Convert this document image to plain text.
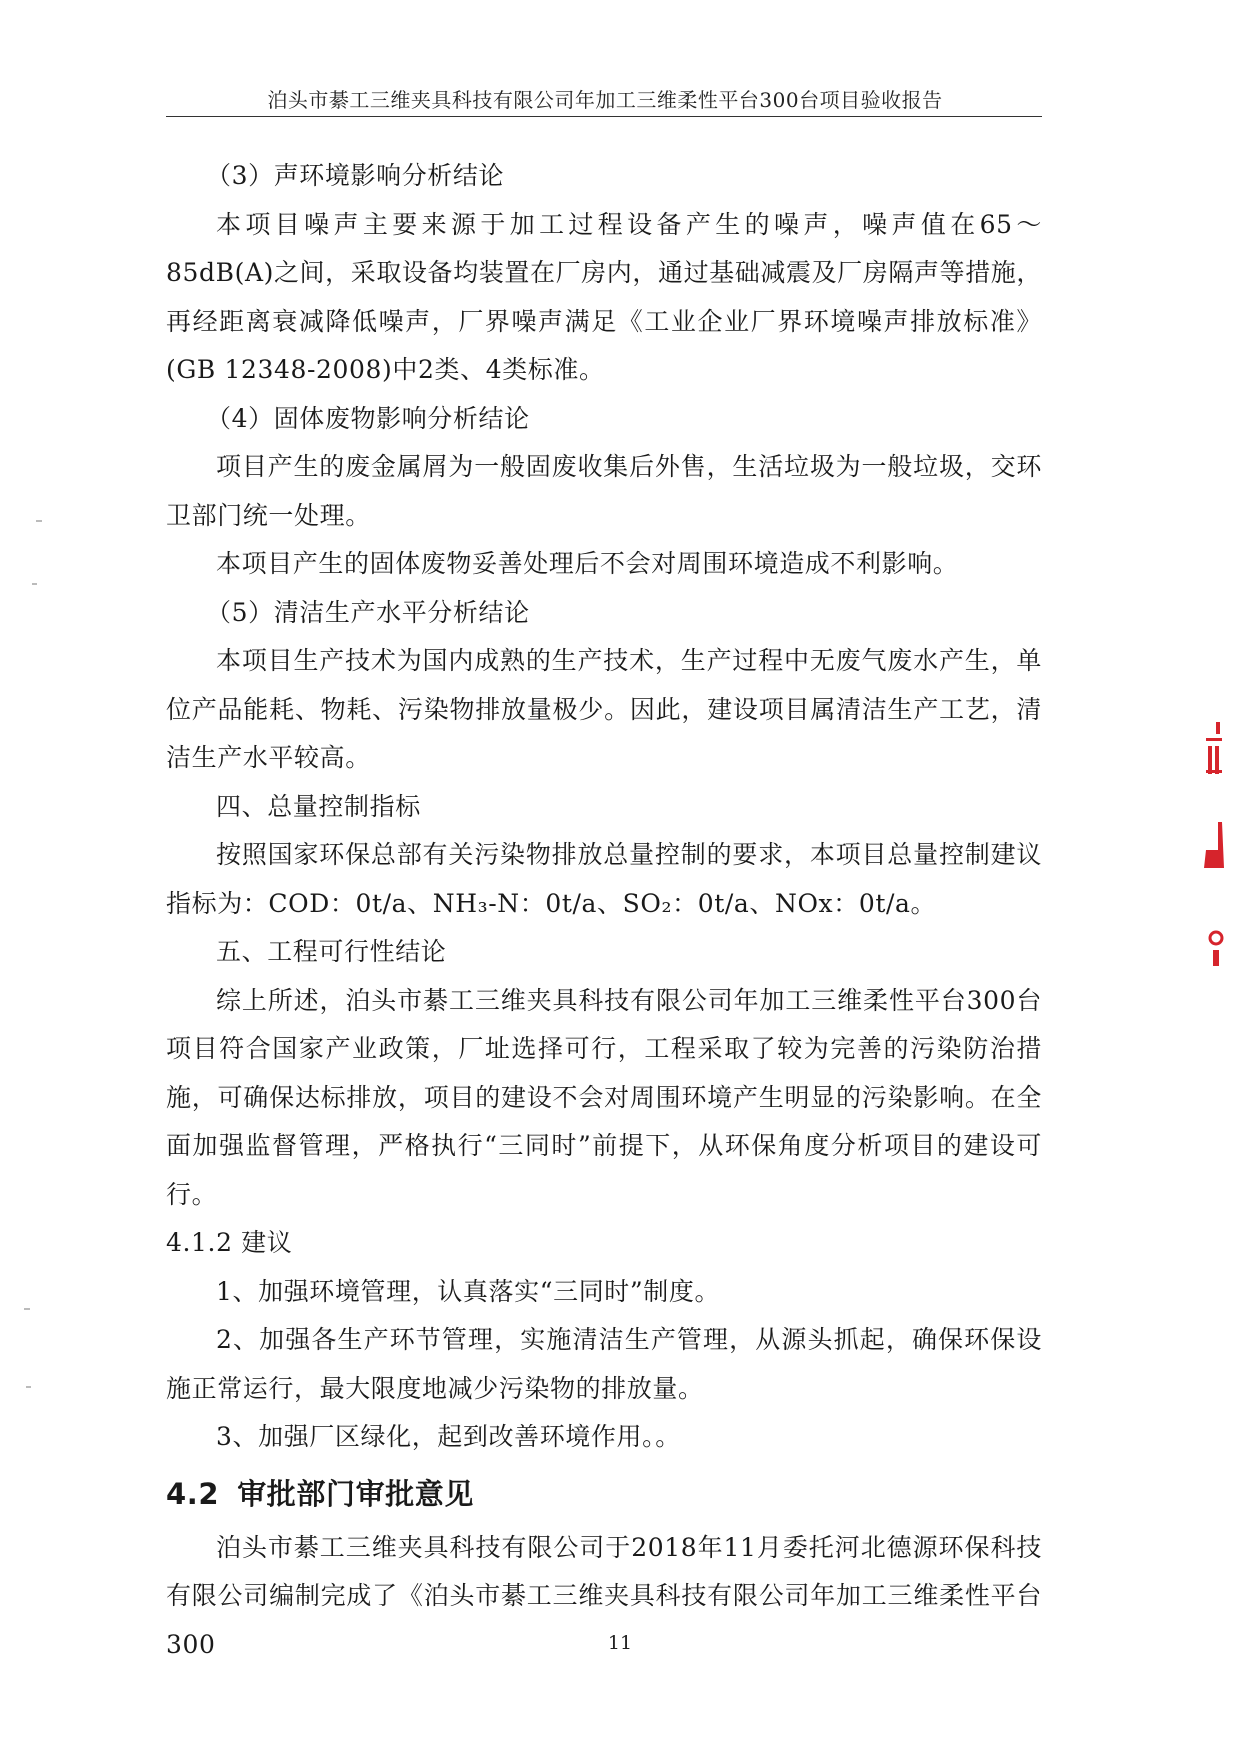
泊头市綦工三维夹具科技有限公司年加工三维柔性平台300台项目验收报告

（3）声环境影响分析结论

本项目噪声主要来源于加工过程设备产生的噪声，噪声值在65～85dB(A)之间，采取设备均装置在厂房内，通过基础减震及厂房隔声等措施，再经距离衰减降低噪声，厂界噪声满足《工业企业厂界环境噪声排放标准》(GB 12348-2008)中2类、4类标准。

（4）固体废物影响分析结论

项目产生的废金属屑为一般固废收集后外售，生活垃圾为一般垃圾，交环卫部门统一处理。

本项目产生的固体废物妥善处理后不会对周围环境造成不利影响。

（5）清洁生产水平分析结论

本项目生产技术为国内成熟的生产技术，生产过程中无废气废水产生，单位产品能耗、物耗、污染物排放量极少。因此，建设项目属清洁生产工艺，清洁生产水平较高。

四、总量控制指标

按照国家环保总部有关污染物排放总量控制的要求，本项目总量控制建议指标为：COD：0t/a、NH₃-N：0t/a、SO₂：0t/a、NOx：0t/a。

五、工程可行性结论

综上所述，泊头市綦工三维夹具科技有限公司年加工三维柔性平台300台项目符合国家产业政策，厂址选择可行，工程采取了较为完善的污染防治措施，可确保达标排放，项目的建设不会对周围环境产生明显的污染影响。在全面加强监督管理，严格执行“三同时”前提下，从环保角度分析项目的建设可行。

4.1.2 建议

1、加强环境管理，认真落实“三同时”制度。

2、加强各生产环节管理，实施清洁生产管理，从源头抓起，确保环保设施正常运行，最大限度地减少污染物的排放量。

3、加强厂区绿化，起到改善环境作用。。

4.2 审批部门审批意见

泊头市綦工三维夹具科技有限公司于2018年11月委托河北德源环保科技有限公司编制完成了《泊头市綦工三维夹具科技有限公司年加工三维柔性平台300	11
